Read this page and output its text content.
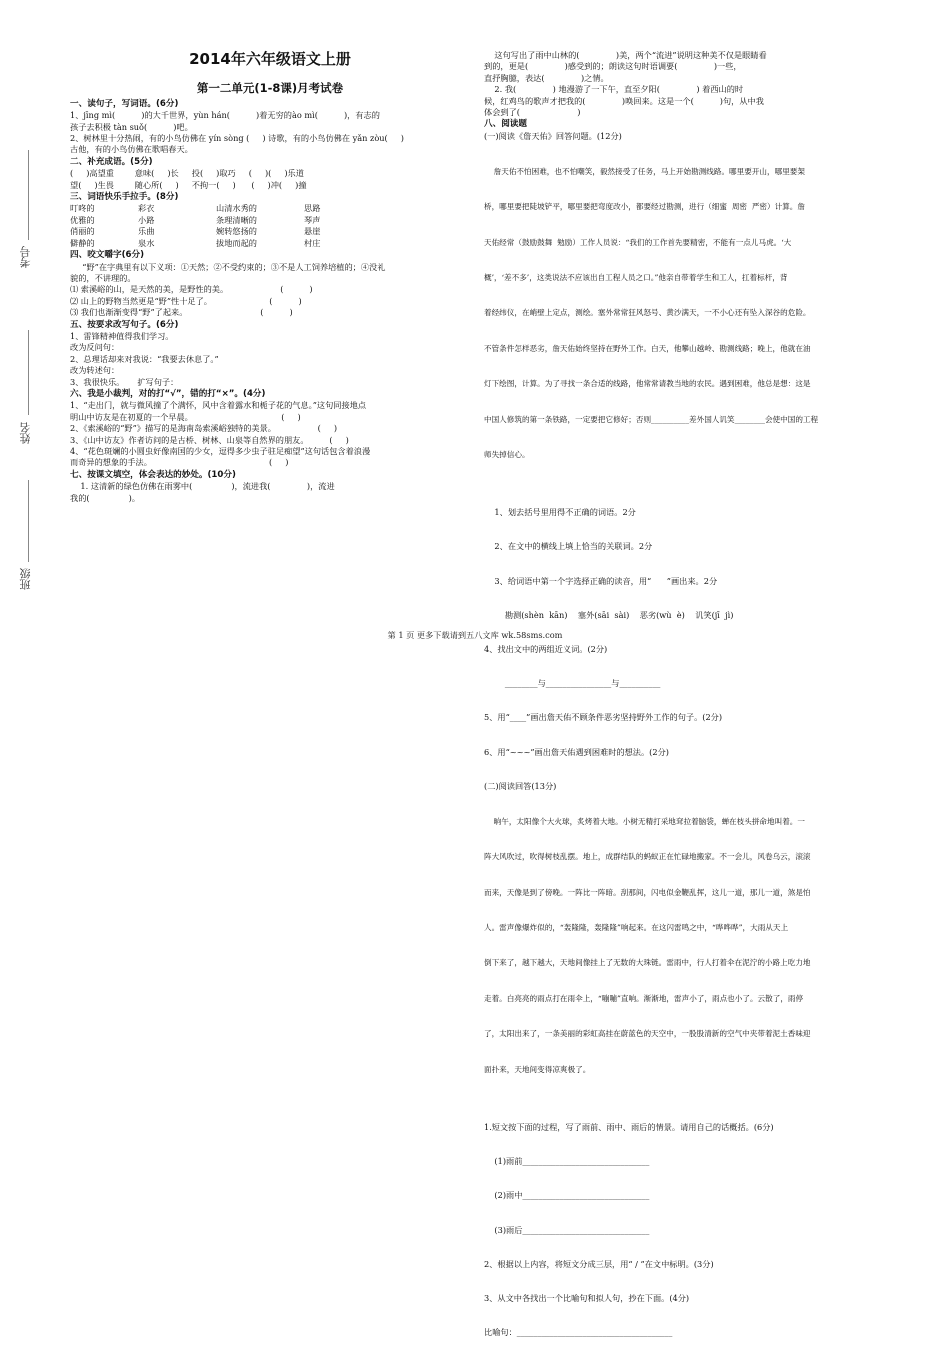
考号
姓名
班级
2014年六年级语文上册
第一二单元(1-8课)月考试卷
一、读句子，写词语。(6分)
1、jīng mì(          )的大千世界，yùn hán(          )着无穷的ào mì(          )，有志的
孩子去积极 tàn suǒ(          )吧。
2、树林里十分热闹，有的小鸟仿佛在 yín sòng (     ) 诗歌，有的小鸟仿佛在 yǎn zòu(     )
古他，有的小鸟仿佛在歌唱春天。
二、补充成语。(5分)
(     )高望重        意味(     )长     投(     )取巧     (     )(     )乐道
望(     )生畏        随心所(     )     不拘一(     )      (     )冲(     )撞
三、词语快乐手拉手。(8分)
叮咚的	彩衣	山清水秀的	思路
优雅的	小路	条理清晰的	琴声
俏丽的	乐曲	婉转悠扬的	悬崖
僻静的	泉水	拔地而起的	村庄
四、咬文嚼字(6分)
“野”在字典里有以下义项：①天然；②不受约束的；③不是人工饲养培植的；④没礼
貌的，不讲理的。
⑴ 索溪峪的山，是天然的美，是野性的美。                    (          )
⑵ 山上的野物当然更是“野”性十足了。                      (          )
⑶ 我们也渐渐变得“野”了起来。                            (          )
五、按要求改写句子。(6分)
1、雷锋精神值得我们学习。
改为反问句：
2、总理话却来对我说：“我要去休息了。”
改为转述句：
3、我很快乐。     扩写句子：
六、我是小裁判，对的打“√”，错的打“×”。(4分)
1、“走出门，就与微风撞了个满怀，风中含着露水和栀子花的气息。”这句同接地点
明山中访友是在初夏的一个早晨。                                  (     )
2、《索溪峪的“野”》描写的是海南岛索溪峪独特的美景。                (     )
3、《山中访友》作者访问的是古桥、树林、山泉等自然界的朋友。        (     )
4、“花色斑斓的小圆虫好像南国的少女，逗得多少虫子驻足痴望”这句话包含着浪漫
而奇异的想象的手法。                                             (     )
七、按课文填空，体会表达的妙处。(10分)
1. 这清新的绿色仿佛在雨雾中(               )，流进我(              )，流进
我的(               )。
这句写出了雨中山林的(              )美，两个“流进”说明这种美不仅是眼睛看
到的，更是(              )感受到的；朗读这句时语调要(              )一些，
直抒胸臆，表达(              )之情。
2. 我(              ) 地漫游了一下午，直至夕阳(              ) 着西山的时
候，红鸡鸟的歌声才把我的(              )唤回来。这是一个(          )句，从中我
体会到了(                      )
八、阅读题
(一)阅读《詹天佑》回答问题。(12分)

詹天佑不怕困难，也不怕嘲笑，毅然接受了任务，马上开始勘测线路。哪里要开山，哪里要架

桥，哪里要把陡坡铲平，哪里要把弯度改小，都要经过勘测，进行（细蜜  周密  严密）计算。詹

天佑经常（鼓励鼓舞  勉励）工作人员说：“我们的工作首先要精密，不能有一点儿马虎。‘大

概’，‘差不多’，这类说法不应该出自工程人员之口。”他亲自带着学生和工人，扛着标杆，背

着经纬仪，在峭壁上定点，测绘。塞外常常狂风怒号、黄沙满天，一不小心还有坠入深谷的危险。

不管条件怎样恶劣，詹天佑始终坚持在野外工作。白天，他攀山越岭、勘测线路；晚上，他就在油

灯下绘图，计算。为了寻找一条合适的线路，他常常请教当地的农民。遇到困难，他总是想：这是

中国人修筑的第一条铁路，一定要把它修好；否则__________差外国人讥笑________会使中国的工程

师失掉信心。

1、划去括号里用得不正确的词语。2分

2、在文中的横线上填上恰当的关联词。2分

3、给词语中第一个字选择正确的读音，用“      ”画出来。2分

勘测(shèn  kān)    塞外(sāi  sài)    恶劣(wù  è)    讥笑(jī  jì)

4、找出文中的两组近义词。(2分)

________与________________与__________

5、用“____”画出詹天佑不顾条件恶劣坚持野外工作的句子。(2分)

6、用“~~~”画出詹天佑遇到困难时的想法。(2分)

(二)阅读回答(13分)

晌午，太阳像个大火球，炙烤着大地。小树无精打采地耷拉着脑袋，蝉在枝头拼命地叫着。一

阵大风吹过，吹得树枝乱摆。地上，成群结队的蚂蚁正在忙碌地搬家。不一会儿，风卷乌云，滚滚

而来，天像是到了傍晚。一阵比一阵暗。刮那间，闪电似金鞭乱挥，这儿一道，那儿一道，煞是怕

人。雷声像爆炸似的，“轰隆隆，轰隆隆”响起来。在这闪雷鸣之中，“哗哗哗”，大雨从天上

倒下来了，越下越大，天地间像挂上了无数的大珠链。雷雨中，行人打着伞在泥泞的小路上吃力地

走着。白亮亮的雨点打在雨伞上，“嘣嘣”直响。渐渐地，雷声小了，雨点也小了。云散了，雨停

了，太阳出来了，一条美丽的彩虹高挂在蔚蓝色的天空中，一股股清新的空气中夹带着泥土香味迎

面扑来，天地间变得凉爽极了。

1.短文按下面的过程，写了雨前、雨中、雨后的情景。请用自己的话概括。(6分)

(1)雨前_______________________________

(2)雨中_______________________________

(3)雨后_______________________________

2、根据以上内容，将短文分成三层，用“ / ”在文中标明。(3分)

3、从文中各找出一个比喻句和拟人句，抄在下面。(4分)

比喻句：______________________________________

第 1 页 更多下载请到五八文库 wk.58sms.com
